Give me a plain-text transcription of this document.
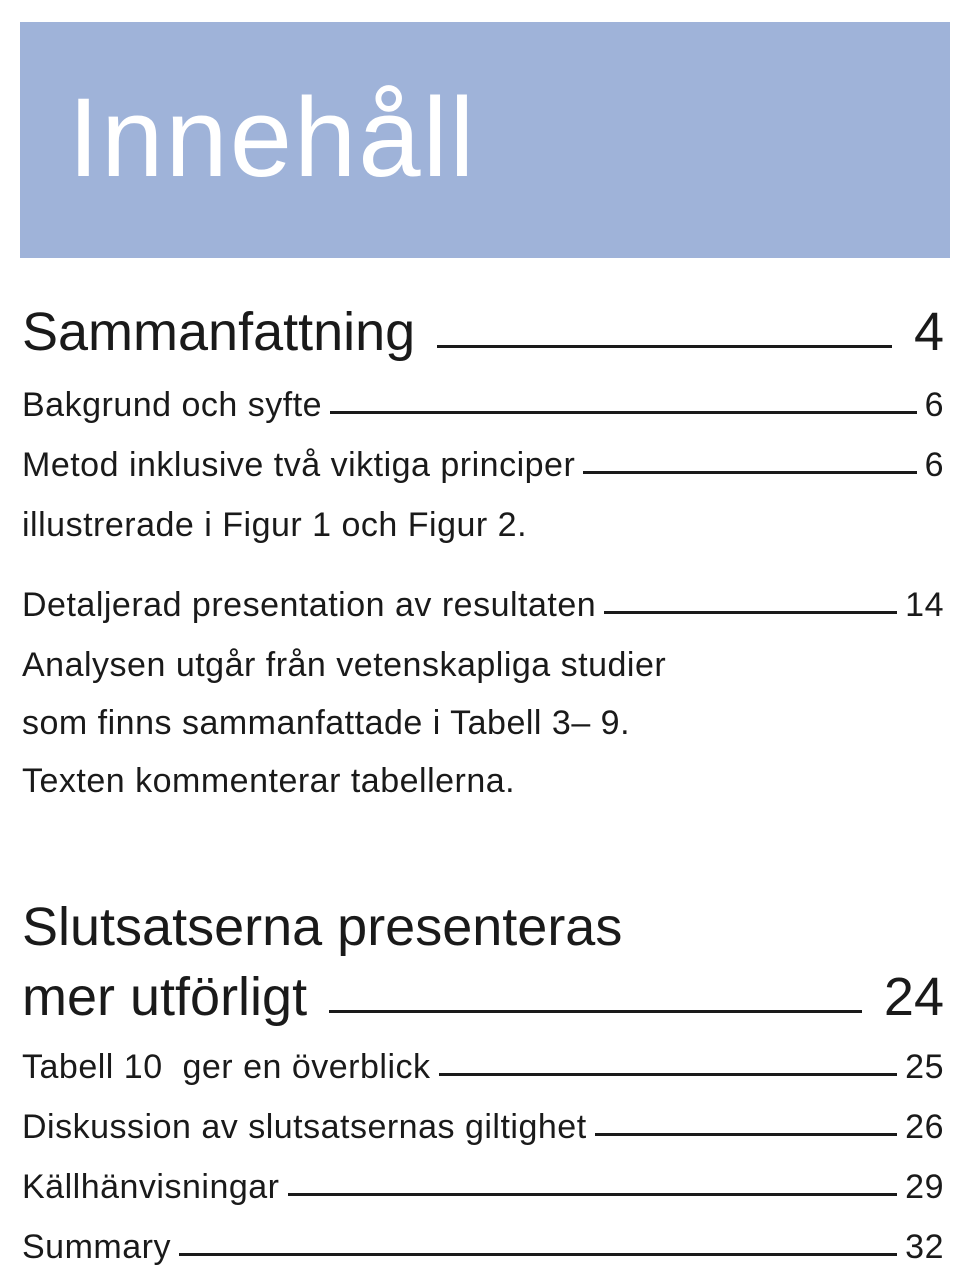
Innehåll
Sammanfattning	4
Bakgrund och syfte	6
Metod inklusive två viktiga principer	6

illustrerade i Figur 1 och Figur 2.

Detaljerad presentation av resultaten	14

Analysen utgår från vetenskapliga studier
som finns sammanfattade i Tabell 3– 9.
Texten kommenterar tabellerna.

Slutsatserna presenteras
mer utförligt	24
Tabell 10  ger en överblick	25
Diskussion av slutsatsernas giltighet	26
Källhänvisningar	29
Summary	32
